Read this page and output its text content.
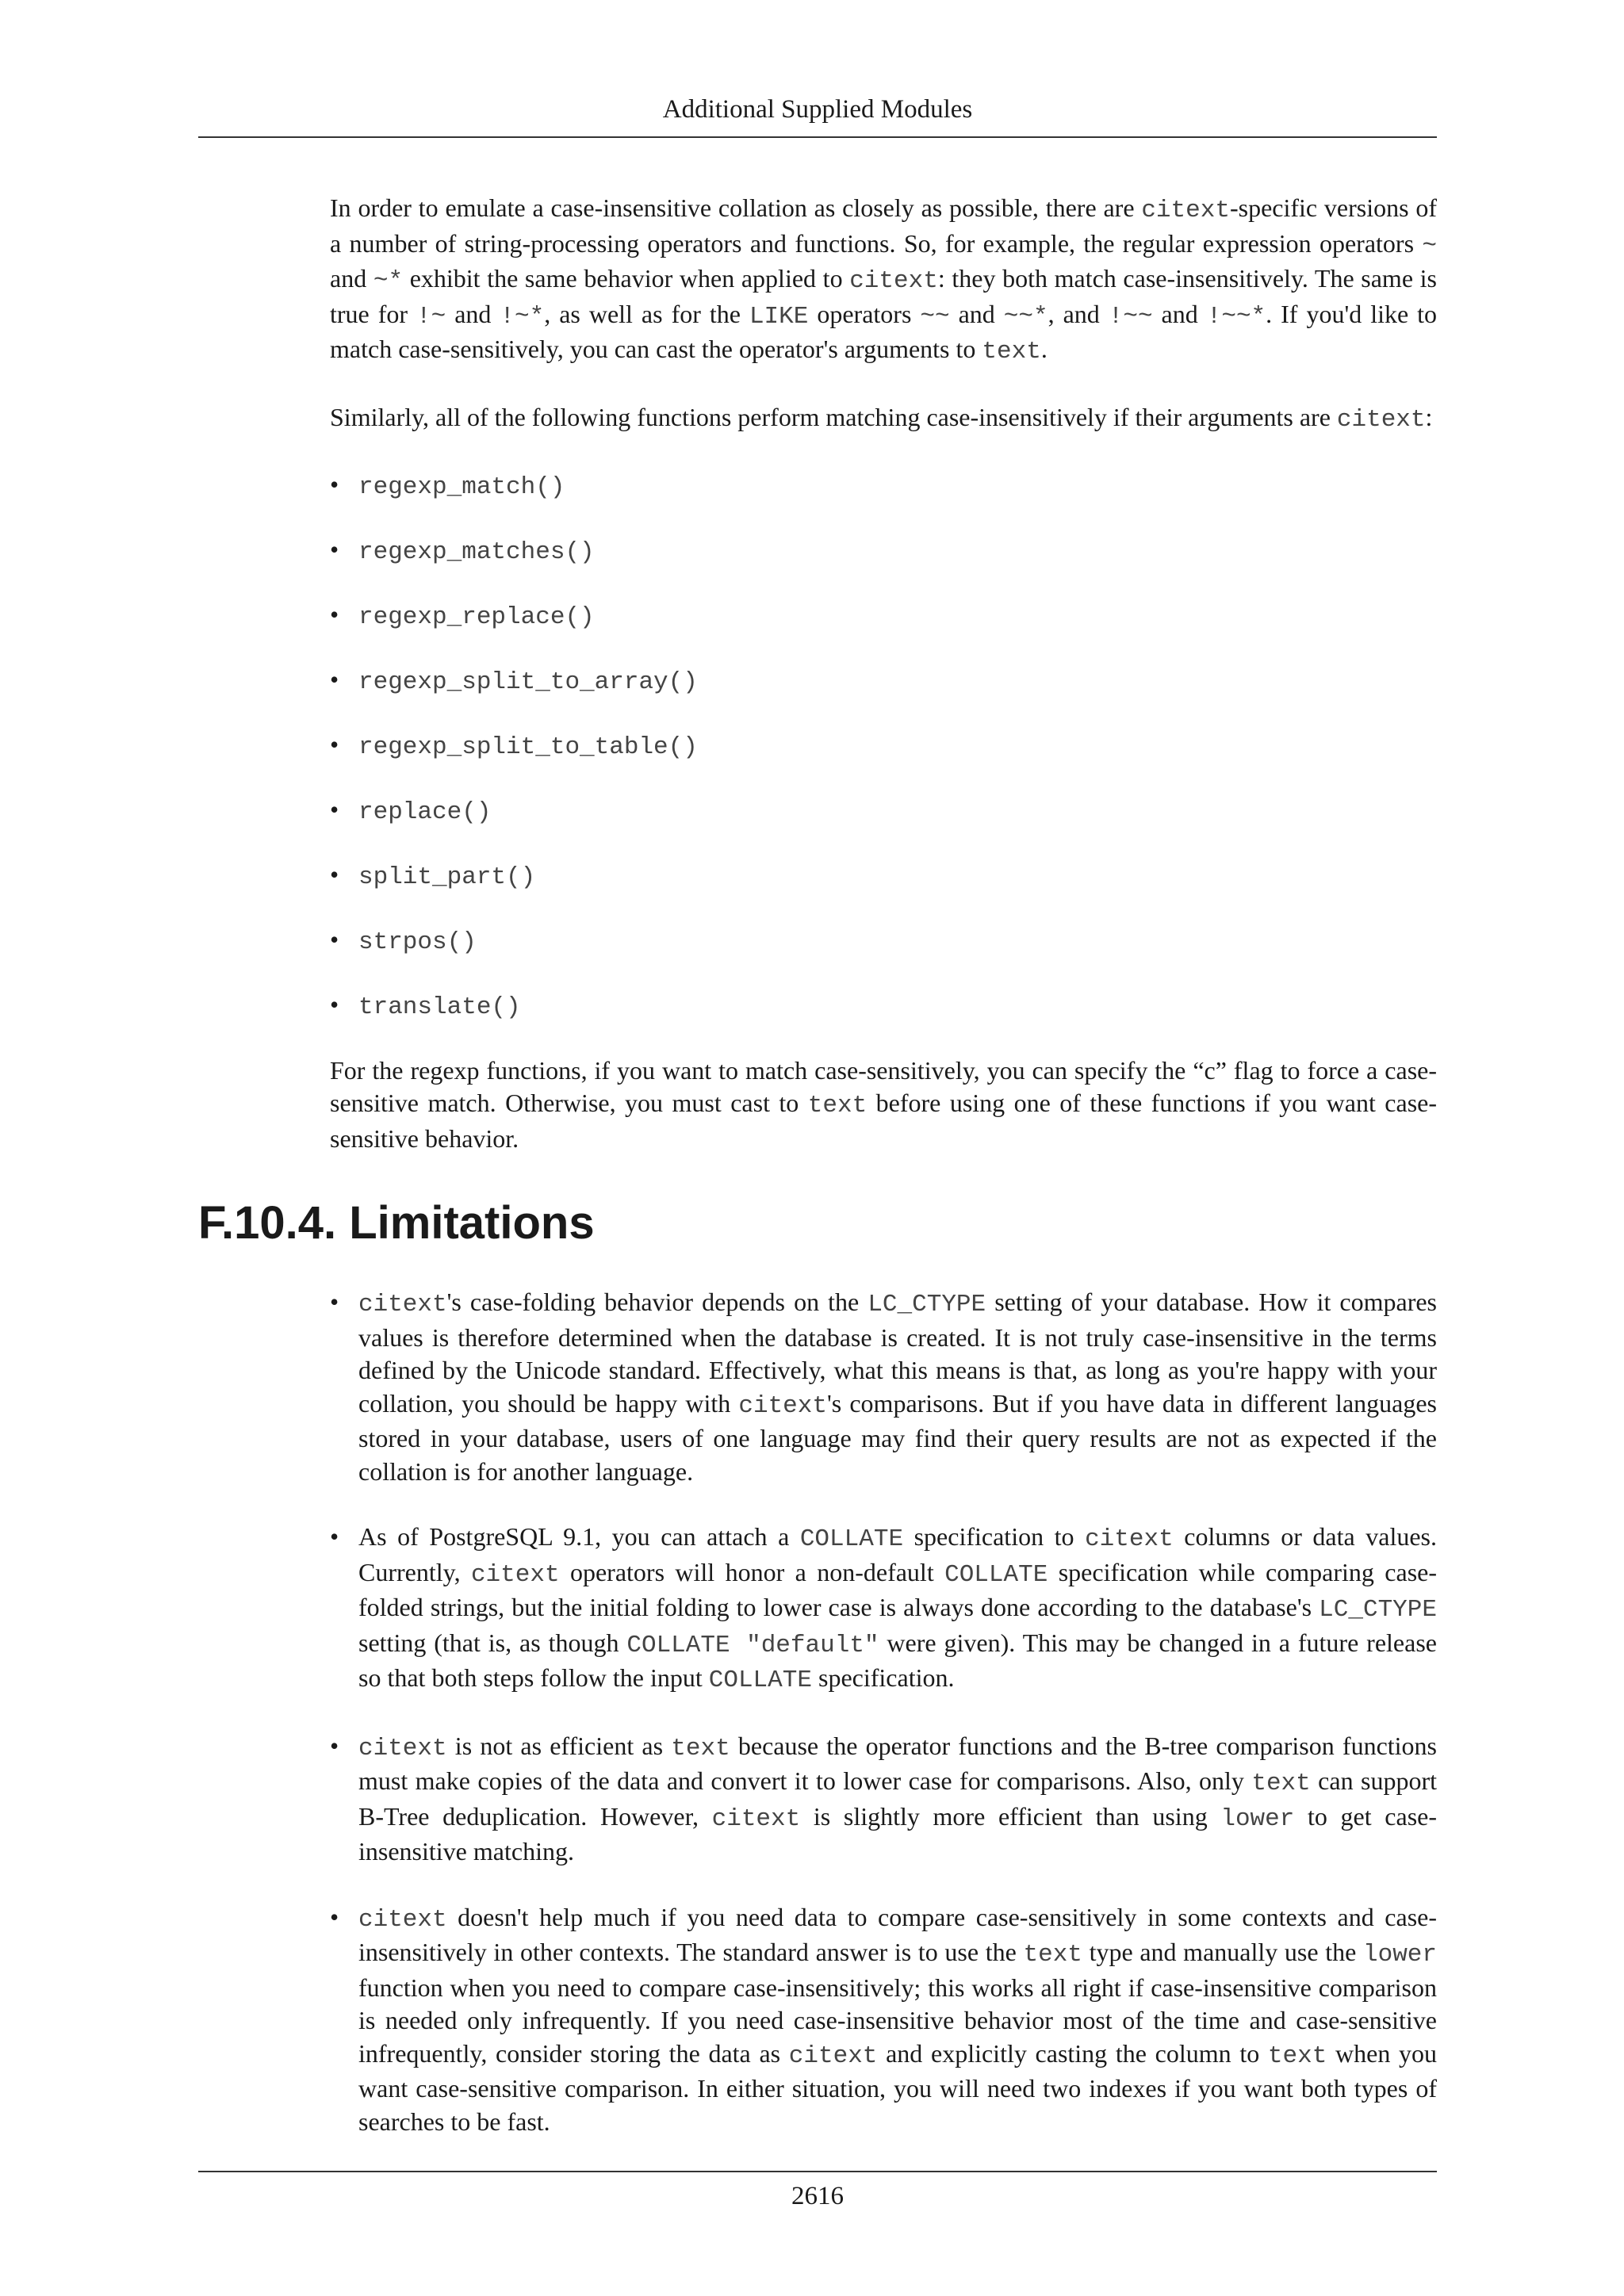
Additional Supplied Modules

In order to emulate a case-insensitive collation as closely as possible, there are citext-specific versions of a number of string-processing operators and functions. So, for example, the regular expression operators ~ and ~* exhibit the same behavior when applied to citext: they both match case-insensitively. The same is true for !~ and !~*, as well as for the LIKE operators ~~ and ~~*, and !~~ and !~~*. If you'd like to match case-sensitively, you can cast the operator's arguments to text.

Similarly, all of the following functions perform matching case-insensitively if their arguments are citext:

• regexp_match()
• regexp_matches()
• regexp_replace()
• regexp_split_to_array()
• regexp_split_to_table()
• replace()
• split_part()
• strpos()
• translate()

For the regexp functions, if you want to match case-sensitively, you can specify the “c” flag to force a case-sensitive match. Otherwise, you must cast to text before using one of these functions if you want case-sensitive behavior.

F.10.4. Limitations
• citext's case-folding behavior depends on the LC_CTYPE setting of your database. How it compares values is therefore determined when the database is created. It is not truly case-insensitive in the terms defined by the Unicode standard. Effectively, what this means is that, as long as you're happy with your collation, you should be happy with citext's comparisons. But if you have data in different languages stored in your database, users of one language may find their query results are not as expected if the collation is for another language.
• As of PostgreSQL 9.1, you can attach a COLLATE specification to citext columns or data values. Currently, citext operators will honor a non-default COLLATE specification while comparing case-folded strings, but the initial folding to lower case is always done according to the database's LC_CTYPE setting (that is, as though COLLATE "default" were given). This may be changed in a future release so that both steps follow the input COLLATE specification.
• citext is not as efficient as text because the operator functions and the B-tree comparison functions must make copies of the data and convert it to lower case for comparisons. Also, only text can support B-Tree deduplication. However, citext is slightly more efficient than using lower to get case-insensitive matching.
• citext doesn't help much if you need data to compare case-sensitively in some contexts and case-insensitively in other contexts. The standard answer is to use the text type and manually use the lower function when you need to compare case-insensitively; this works all right if case-insensitive comparison is needed only infrequently. If you need case-insensitive behavior most of the time and case-sensitive infrequently, consider storing the data as citext and explicitly casting the column to text when you want case-sensitive comparison. In either situation, you will need two indexes if you want both types of searches to be fast.
2616
